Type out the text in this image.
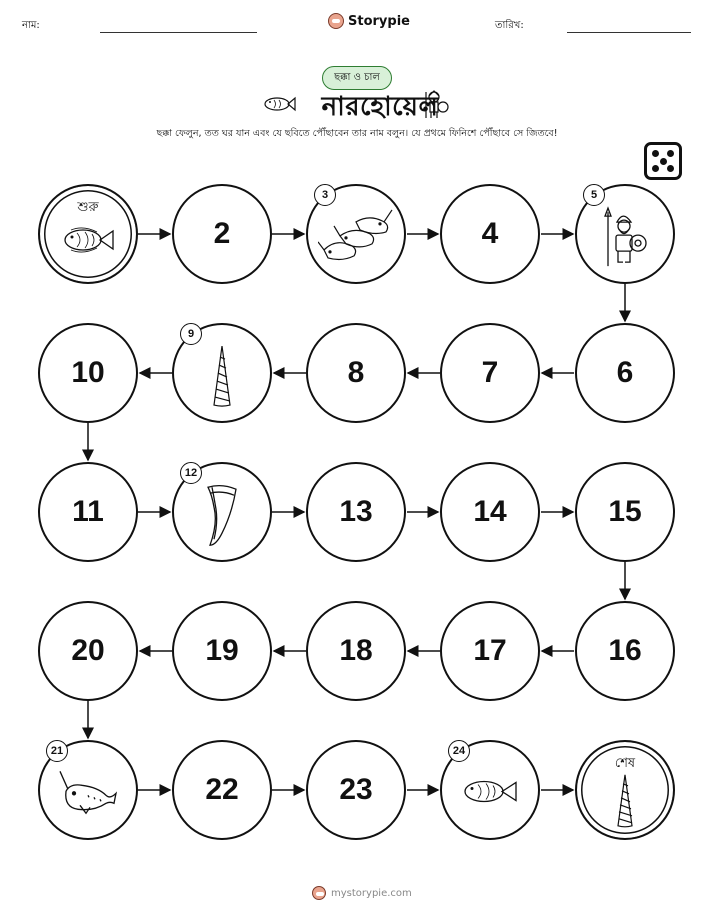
নাম:	Storypie	তারিখ:
ছক্কা ও চাল
নারহোয়েল
ছক্কা ফেলুন, তত ঘর যান এবং যে ছবিতে পৌঁছাবেন তার নাম বলুন। যে প্রথমে ফিনিশে পৌঁছাবে সে জিতবে!
শুরু
2
3
4
5
10
9
8	7	6
11
12
13	14	15
20	19	18	17	16
21
22	23
24
শেষ
mystorypie.com
